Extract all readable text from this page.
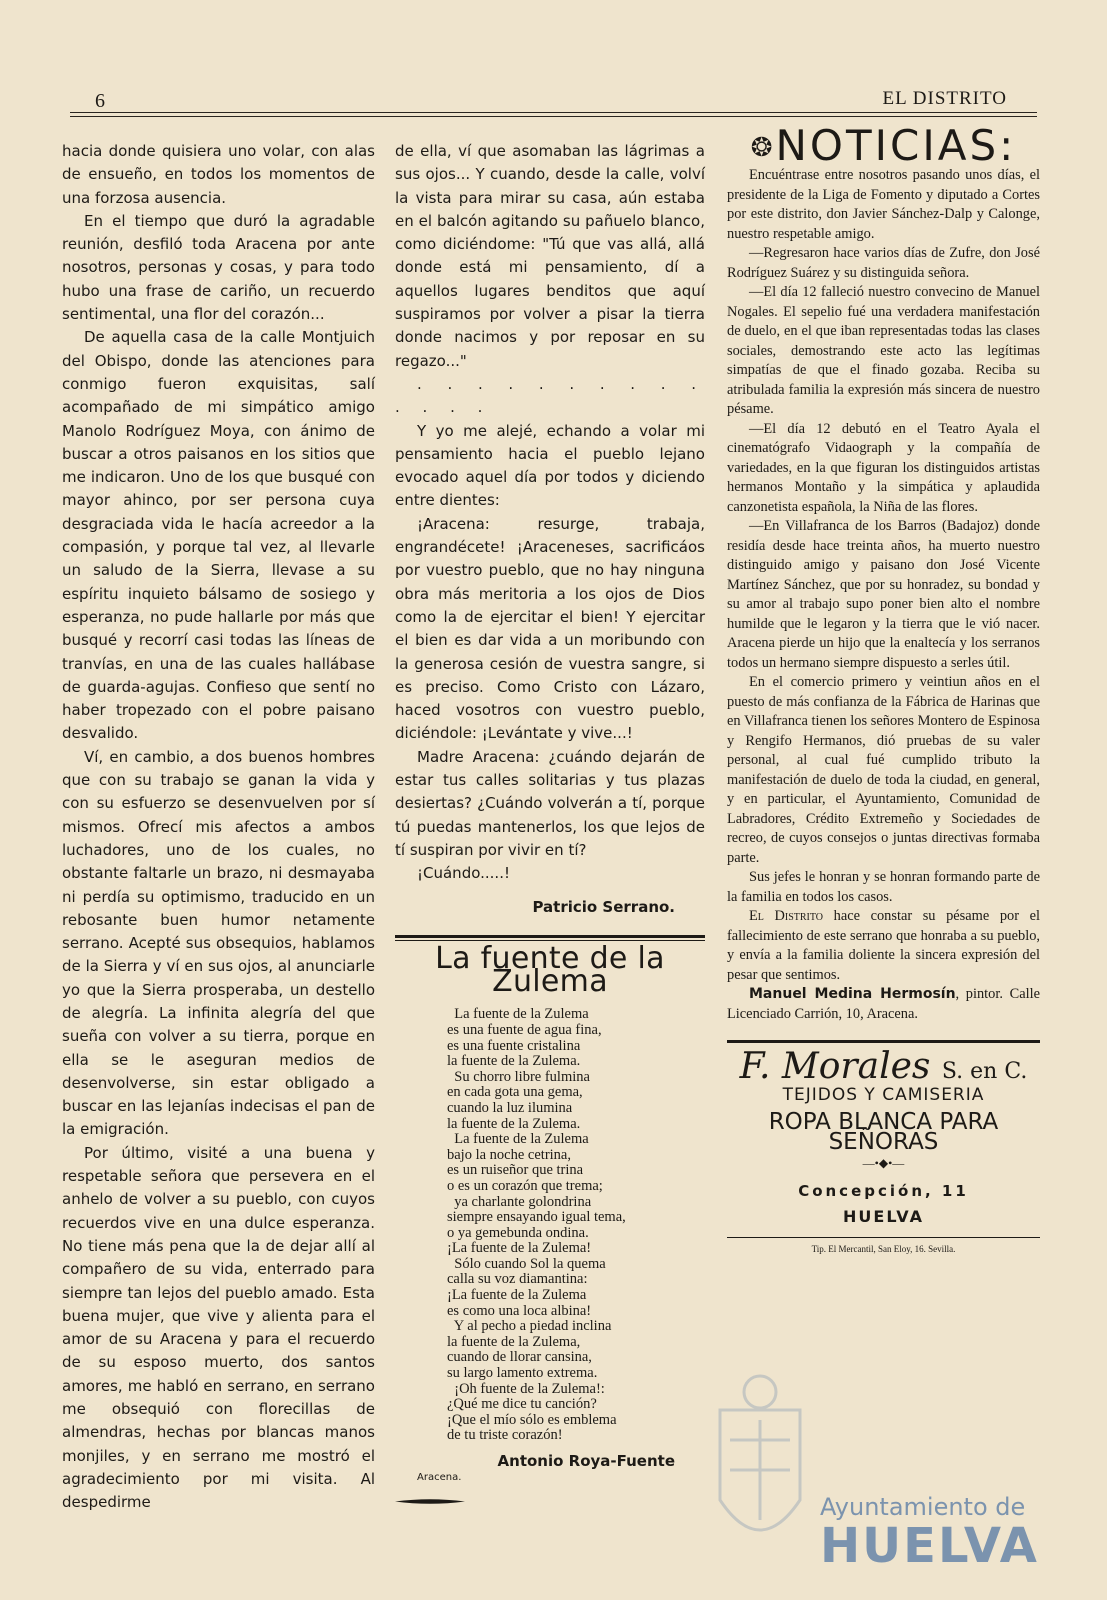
6	EL DISTRITO

hacia donde quisiera uno volar, con alas de ensueño, en todos los momentos de una forzosa ausencia.

En el tiempo que duró la agradable reunión, desfiló toda Aracena por ante nosotros, personas y cosas, y para todo hubo una frase de cariño, un recuerdo sentimental, una flor del corazón...

De aquella casa de la calle Montjuich del Obispo, donde las atenciones para conmigo fueron exquisitas, salí acompañado de mi simpático amigo Manolo Rodríguez Moya, con ánimo de buscar a otros paisanos en los sitios que me indicaron. Uno de los que busqué con mayor ahinco, por ser persona cuya desgraciada vida le hacía acreedor a la compasión, y porque tal vez, al llevarle un saludo de la Sierra, llevase a su espíritu inquieto bálsamo de sosiego y esperanza, no pude hallarle por más que busqué y recorrí casi todas las líneas de tranvías, en una de las cuales hallábase de guarda-agujas. Confieso que sentí no haber tropezado con el pobre paisano desvalido.

Ví, en cambio, a dos buenos hombres que con su trabajo se ganan la vida y con su esfuerzo se desenvuelven por sí mismos. Ofrecí mis afectos a ambos luchadores, uno de los cuales, no obstante faltarle un brazo, ni desmayaba ni perdía su optimismo, traducido en un rebosante buen humor netamente serrano. Acepté sus obsequios, hablamos de la Sierra y ví en sus ojos, al anunciarle yo que la Sierra prosperaba, un destello de alegría. La infinita alegría del que sueña con volver a su tierra, porque en ella se le aseguran medios de desenvolverse, sin estar obligado a buscar en las lejanías indecisas el pan de la emigración.

Por último, visité a una buena y respetable señora que persevera en el anhelo de volver a su pueblo, con cuyos recuerdos vive en una dulce esperanza. No tiene más pena que la de dejar allí al compañero de su vida, enterrado para siempre tan lejos del pueblo amado. Esta buena mujer, que vive y alienta para el amor de su Aracena y para el recuerdo de su esposo muerto, dos santos amores, me habló en serrano, en serrano me obsequió con florecillas de almendras, hechas por blancas manos monjiles, y en serrano me mostró el agradecimiento por mi visita. Al despedirme

de ella, ví que asomaban las lágrimas a sus ojos... Y cuando, desde la calle, volví la vista para mirar su casa, aún estaba en el balcón agitando su pañuelo blanco, como diciéndome: "Tú que vas allá, allá donde está mi pensamiento, dí a aquellos lugares benditos que aquí suspiramos por volver a pisar la tierra donde nacimos y por reposar en su regazo..."

. . . . . . . . . . . . . .

Y yo me alejé, echando a volar mi pensamiento hacia el pueblo lejano evocado aquel día por todos y diciendo entre dientes:

¡Aracena: resurge, trabaja, engrandécete! ¡Araceneses, sacrificáos por vuestro pueblo, que no hay ninguna obra más meritoria a los ojos de Dios como la de ejercitar el bien! Y ejercitar el bien es dar vida a un moribundo con la generosa cesión de vuestra sangre, si es preciso. Como Cristo con Lázaro, haced vosotros con vuestro pueblo, diciéndole: ¡Levántate y vive...!

Madre Aracena: ¿cuándo dejarán de estar tus calles solitarias y tus plazas desiertas? ¿Cuándo volverán a tí, porque tú puedas mantenerlos, los que lejos de tí suspiran por vivir en tí?

¡Cuándo.....!

Patricio Serrano.
La fuente de la Zulema
La fuente de la Zulema
es una fuente de agua fina,
es una fuente cristalina
la fuente de la Zulema.
Su chorro libre fulmina
en cada gota una gema,
cuando la luz ilumina
la fuente de la Zulema.
La fuente de la Zulema
bajo la noche cetrina,
es un ruiseñor que trina
o es un corazón que trema;
ya charlante golondrina
siempre ensayando igual tema,
o ya gemebunda ondina.
¡La fuente de la Zulema!
Sólo cuando Sol la quema
calla su voz diamantina:
¡La fuente de la Zulema
es como una loca albina!
Y al pecho a piedad inclina
la fuente de la Zulema,
cuando de llorar cansina,
su largo lamento extrema.
¡Oh fuente de la Zulema!:
¿Qué me dice tu canción?
¡Que el mío sólo es emblema
de tu triste corazón!
Aracena.
Antonio Roya-Fuente
❂NOTICIAS:

Encuéntrase entre nosotros pasando unos días, el presidente de la Liga de Fomento y diputado a Cortes por este distrito, don Javier Sánchez-Dalp y Calonge, nuestro respetable amigo.

—Regresaron hace varios días de Zufre, don José Rodríguez Suárez y su distinguida señora.

—El día 12 falleció nuestro convecino de Manuel Nogales. El sepelio fué una verdadera manifestación de duelo, en el que iban representadas todas las clases sociales, demostrando este acto las legítimas simpatías de que el finado gozaba. Reciba su atribulada familia la expresión más sincera de nuestro pésame.

—El día 12 debutó en el Teatro Ayala el cinematógrafo Vidaograph y la compañía de variedades, en la que figuran los distinguidos artistas hermanos Montaño y la simpática y aplaudida canzonetista española, la Niña de las flores.

—En Villafranca de los Barros (Badajoz) donde residía desde hace treinta años, ha muerto nuestro distinguido amigo y paisano don José Vicente Martínez Sánchez, que por su honradez, su bondad y su amor al trabajo supo poner bien alto el nombre humilde que le legaron y la tierra que le vió nacer. Aracena pierde un hijo que la enaltecía y los serranos todos un hermano siempre dispuesto a serles útil.

En el comercio primero y veintiun años en el puesto de más confianza de la Fábrica de Harinas que en Villafranca tienen los señores Montero de Espinosa y Rengifo Hermanos, dió pruebas de su valer personal, al cual fué cumplido tributo la manifestación de duelo de toda la ciudad, en general, y en particular, el Ayuntamiento, Comunidad de Labradores, Crédito Extremeño y Sociedades de recreo, de cuyos consejos o juntas directivas formaba parte.

Sus jefes le honran y se honran formando parte de la familia en todos los casos.

El Distrito hace constar su pésame por el fallecimiento de este serrano que honraba a su pueblo, y envía a la familia doliente la sincera expresión del pesar que sentimos.

Manuel Medina Hermosín, pintor. Calle Licenciado Carrión, 10, Aracena.

F. Morales S. en C.
TEJIDOS Y CAMISERIA
ROPA BLANCA PARA SEÑORAS
—•◆•—
Concepción, 11
HUELVA
Tip. El Mercantil, San Eloy, 16. Sevilla.
Ayuntamiento de
HUELVA
